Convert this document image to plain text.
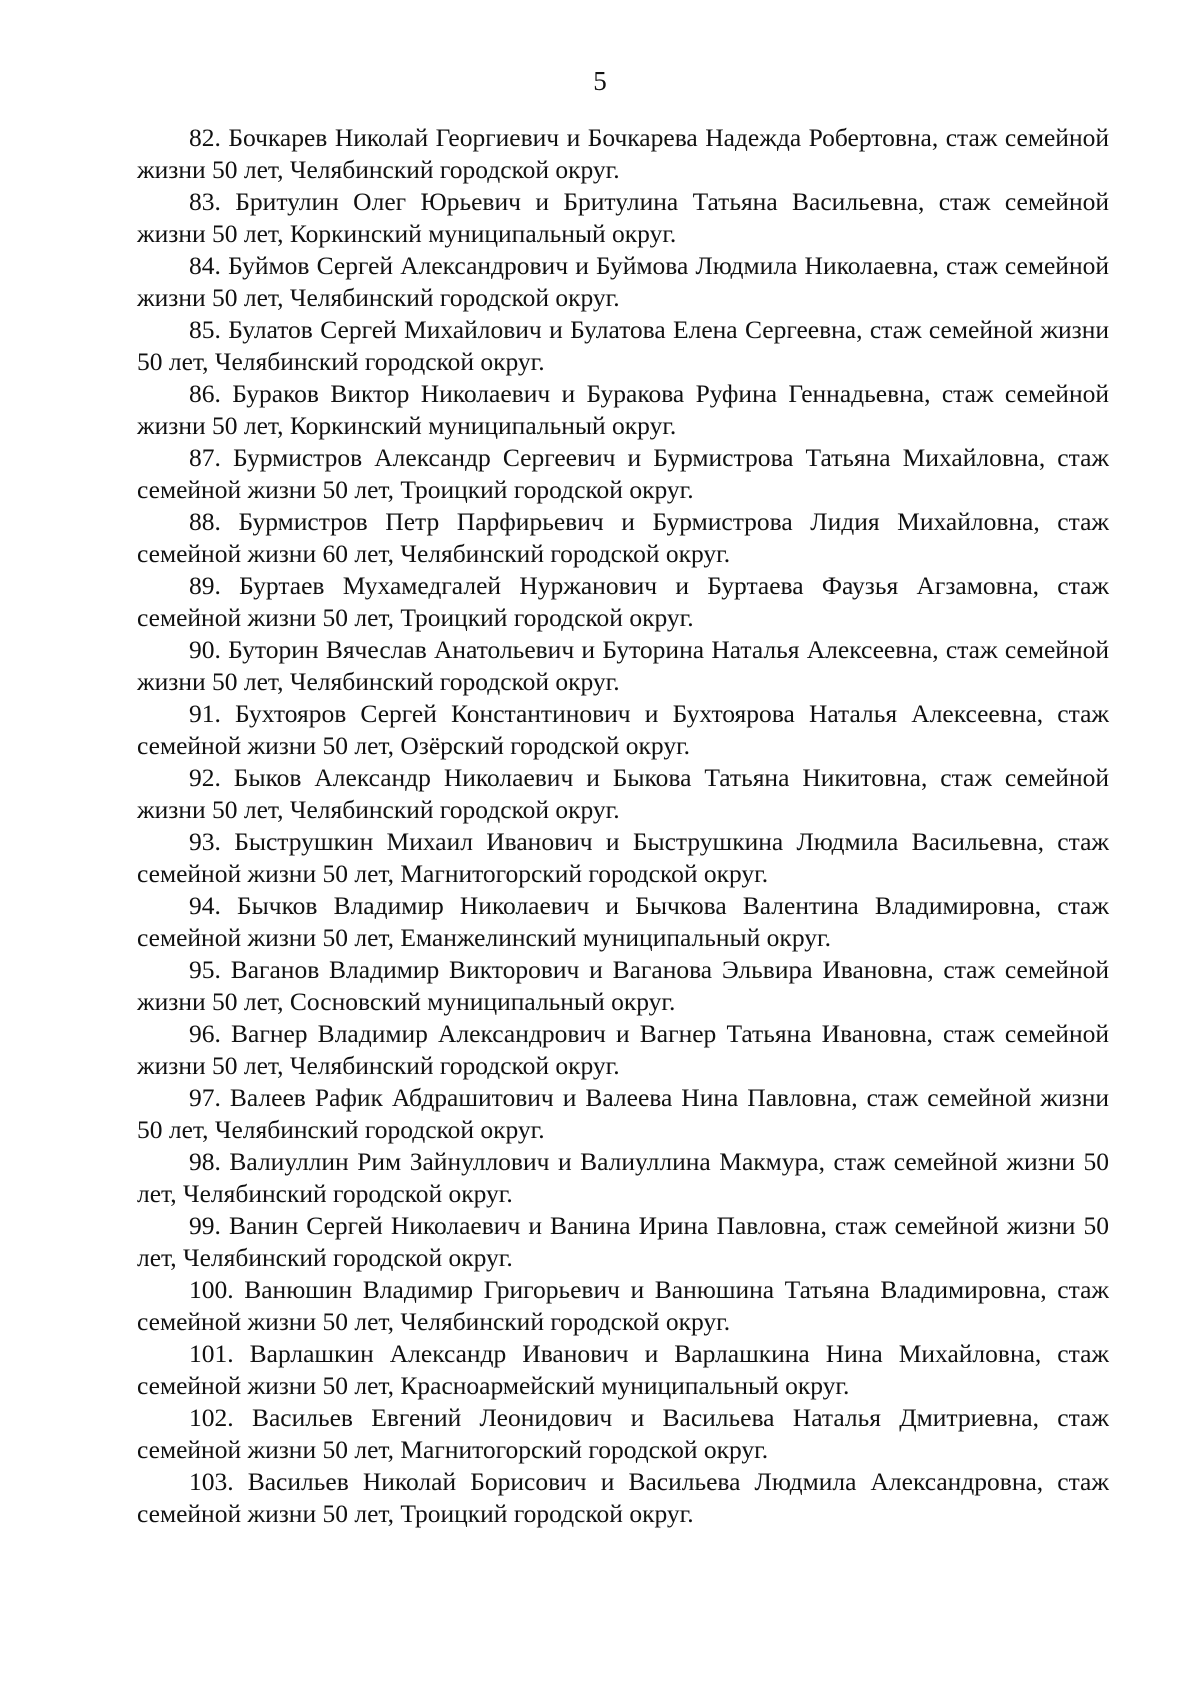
5

82. Бочкарев Николай Георгиевич и Бочкарева Надежда Робертовна, стаж семейной жизни 50 лет, Челябинский городской округ.

83. Бритулин Олег Юрьевич и Бритулина Татьяна Васильевна, стаж семейной жизни 50 лет, Коркинский муниципальный округ.

84. Буймов Сергей Александрович и Буймова Людмила Николаевна, стаж семейной жизни 50 лет, Челябинский городской округ.

85. Булатов Сергей Михайлович и Булатова Елена Сергеевна, стаж семейной жизни 50 лет, Челябинский городской округ.

86. Бураков Виктор Николаевич и Буракова Руфина Геннадьевна, стаж семейной жизни 50 лет, Коркинский муниципальный округ.

87. Бурмистров Александр Сергеевич и Бурмистрова Татьяна Михайловна, стаж семейной жизни 50 лет, Троицкий городской округ.

88. Бурмистров Петр Парфирьевич и Бурмистрова Лидия Михайловна, стаж семейной жизни 60 лет, Челябинский городской округ.

89. Буртаев Мухамедгалей Нуржанович и Буртаева Фаузья Агзамовна, стаж семейной жизни 50 лет, Троицкий городской округ.

90. Буторин Вячеслав Анатольевич и Буторина Наталья Алексеевна, стаж семейной жизни 50 лет, Челябинский городской округ.

91. Бухтояров Сергей Константинович и Бухтоярова Наталья Алексеевна, стаж семейной жизни 50 лет, Озёрский городской округ.

92. Быков Александр Николаевич и Быкова Татьяна Никитовна, стаж семейной жизни 50 лет, Челябинский городской округ.

93. Быструшкин Михаил Иванович и Быструшкина Людмила Васильевна, стаж семейной жизни 50 лет, Магнитогорский городской округ.

94. Бычков Владимир Николаевич и Бычкова Валентина Владимировна, стаж семейной жизни 50 лет, Еманжелинский муниципальный округ.

95. Ваганов Владимир Викторович и Ваганова Эльвира Ивановна, стаж семейной жизни 50 лет, Сосновский муниципальный округ.

96. Вагнер Владимир Александрович и Вагнер Татьяна Ивановна, стаж семейной жизни 50 лет, Челябинский городской округ.

97. Валеев Рафик Абдрашитович и Валеева Нина Павловна, стаж семейной жизни 50 лет, Челябинский городской округ.

98. Валиуллин Рим Зайнуллович и Валиуллина Макмура, стаж семейной жизни 50 лет, Челябинский городской округ.

99. Ванин Сергей Николаевич и Ванина Ирина Павловна, стаж семейной жизни 50 лет, Челябинский городской округ.

100. Ванюшин Владимир Григорьевич и Ванюшина Татьяна Владимировна, стаж семейной жизни 50 лет, Челябинский городской округ.

101. Варлашкин Александр Иванович и Варлашкина Нина Михайловна, стаж семейной жизни 50 лет, Красноармейский муниципальный округ.

102. Васильев Евгений Леонидович и Васильева Наталья Дмитриевна, стаж семейной жизни 50 лет, Магнитогорский городской округ.

103. Васильев Николай Борисович и Васильева Людмила Александровна, стаж семейной жизни 50 лет, Троицкий городской округ.
